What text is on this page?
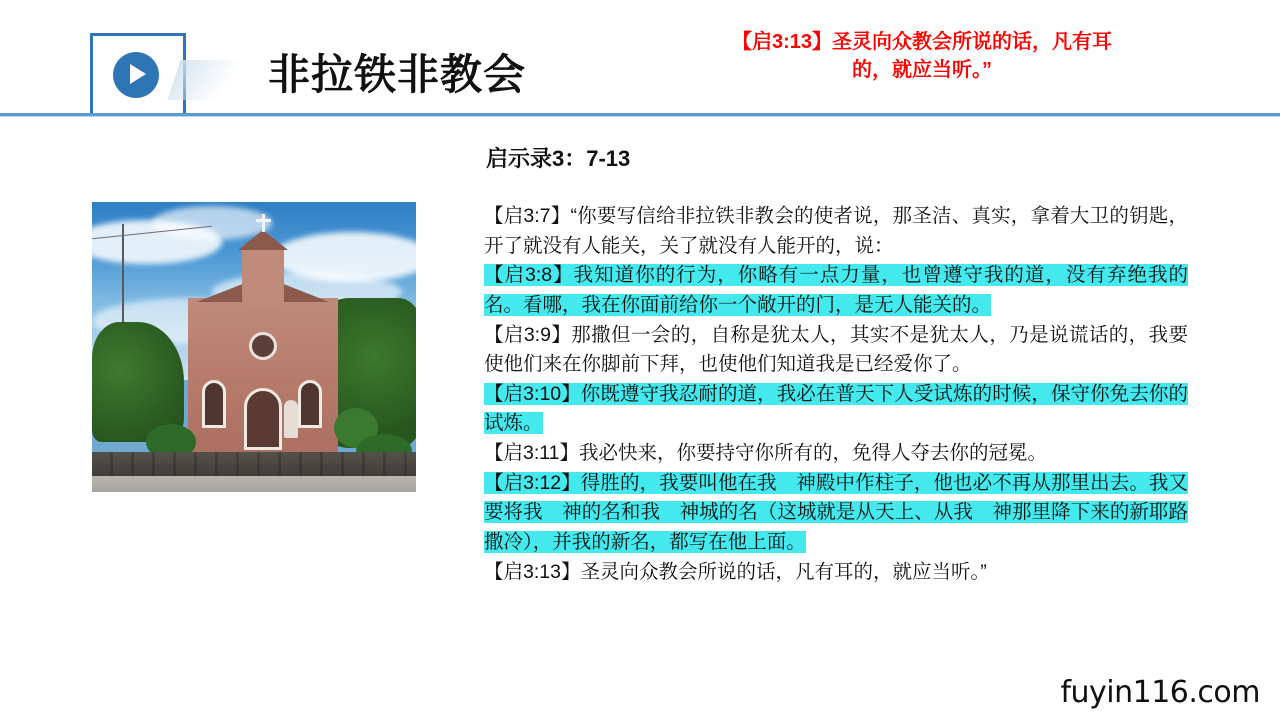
非拉铁非教会
【启3:13】圣灵向众教会所说的话，凡有耳的，就应当听。”
启示录3：7-13

【启3:7】“你要写信给非拉铁非教会的使者说，那圣洁、真实，拿着大卫的钥匙，开了就没有人能关，关了就没有人能开的，说：

【启3:8】我知道你的行为，你略有一点力量，也曾遵守我的道，没有弃绝我的名。看哪，我在你面前给你一个敞开的门，是无人能关的。

【启3:9】那撒但一会的，自称是犹太人，其实不是犹太人，乃是说谎话的，我要使他们来在你脚前下拜，也使他们知道我是已经爱你了。

【启3:10】你既遵守我忍耐的道，我必在普天下人受试炼的时候，保守你免去你的试炼。

【启3:11】我必快来，你要持守你所有的，免得人夺去你的冠冕。

【启3:12】得胜的，我要叫他在我　神殿中作柱子，他也必不再从那里出去。我又要将我　神的名和我　神城的名（这城就是从天上、从我　神那里降下来的新耶路撒冷），并我的新名，都写在他上面。

【启3:13】圣灵向众教会所说的话，凡有耳的，就应当听。”

fuyin116.com
